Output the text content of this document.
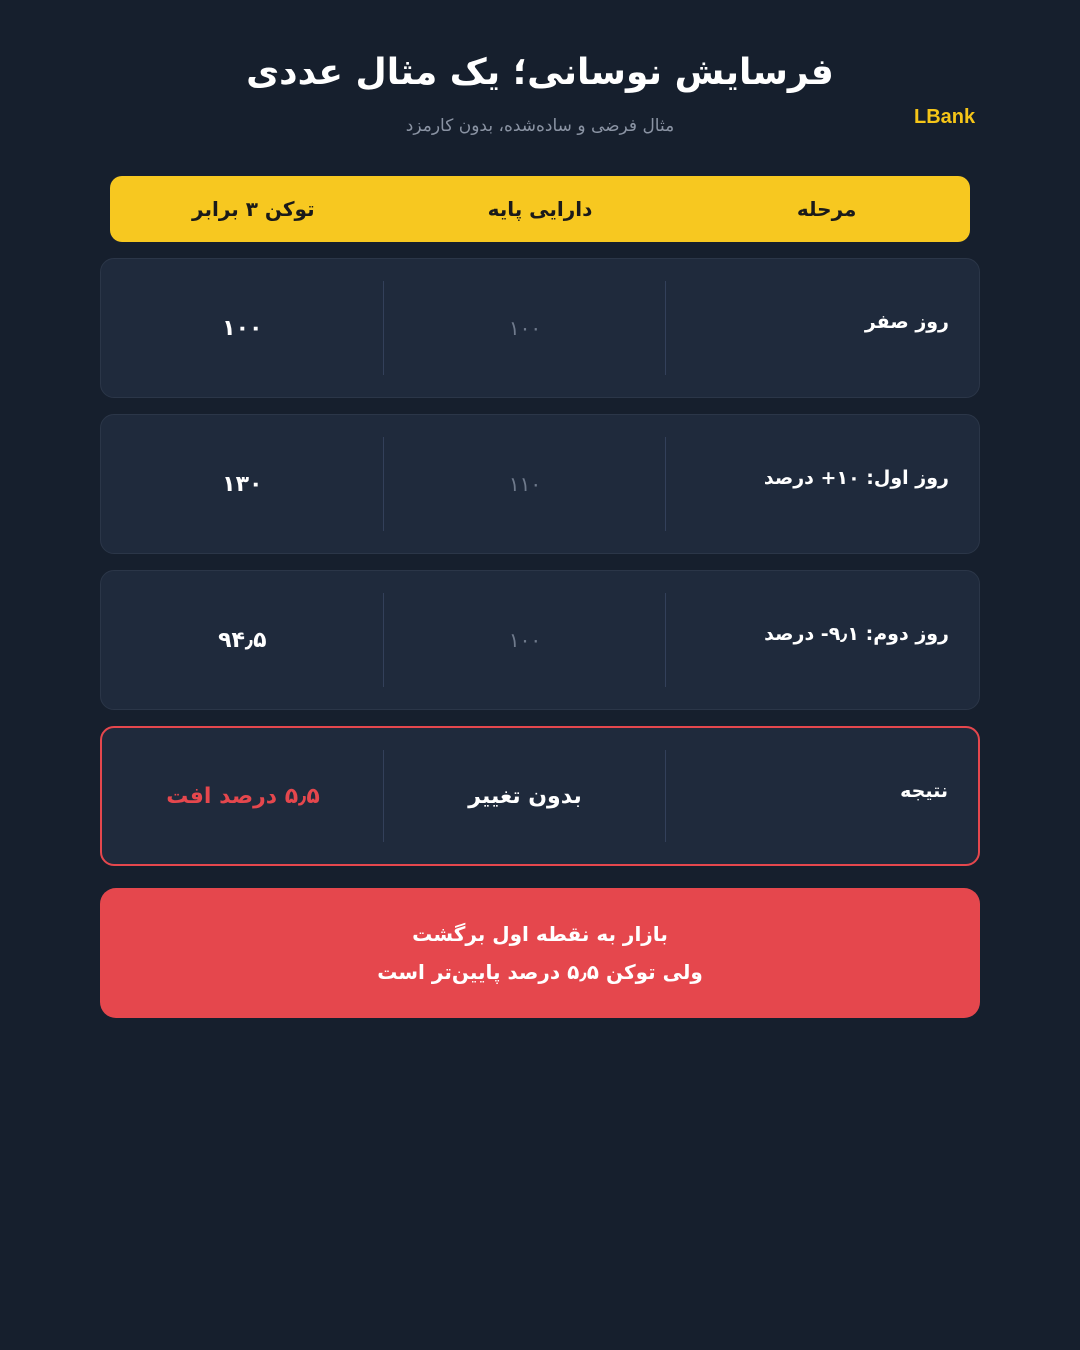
LBank
فرسایش نوسانی؛ یک مثال عددی
مثال فرضی و ساده‌شده، بدون کارمزد
مرحله
دارایی پایه
توکن ۳ برابر
روز صفر
۱۰۰
۱۰۰
روز اول: ۱۰+ درصد
۱۱۰
۱۳۰
روز دوم: ۹٫۱- درصد
۱۰۰
۹۴٫۵
نتیجه
بدون تغییر
۵٫۵ درصد افت
بازار به نقطه اول برگشت
ولی توکن ۵٫۵ درصد پایین‌تر است
